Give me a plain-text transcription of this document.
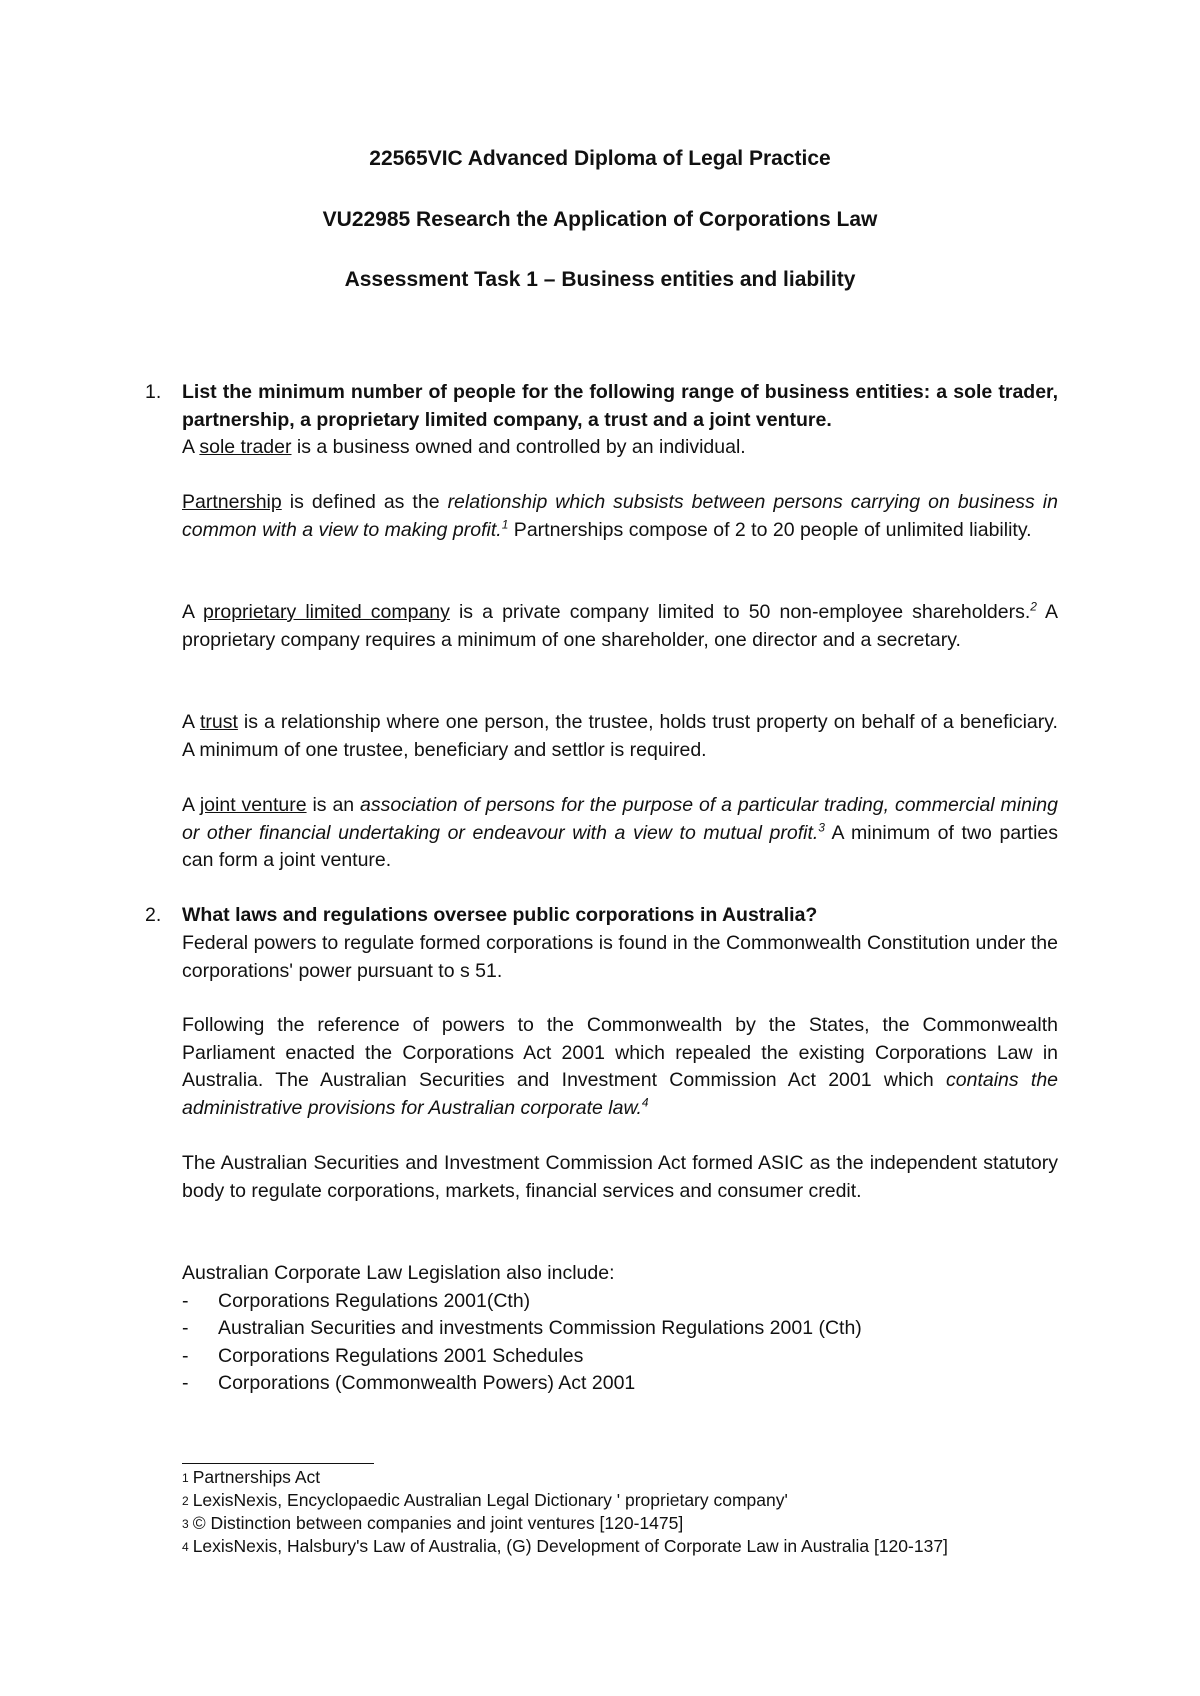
22565VIC Advanced Diploma of Legal Practice
VU22985 Research the Application of Corporations Law
Assessment Task 1 – Business entities and liability
1. List the minimum number of people for the following range of business entities: a sole trader, partnership, a proprietary limited company, a trust and a joint venture.

A sole trader is a business owned and controlled by an individual.

Partnership is defined as the relationship which subsists between persons carrying on business in common with a view to making profit.$^1$ Partnerships compose of 2 to 20 people of unlimited liability.

A proprietary limited company is a private company limited to 50 non-employee shareholders.$^2$ A proprietary company requires a minimum of one shareholder, one director and a secretary.

A trust is a relationship where one person, the trustee, holds trust property on behalf of a beneficiary. A minimum of one trustee, beneficiary and settlor is required.

A joint venture is an association of persons for the purpose of a particular trading, commercial mining or other financial undertaking or endeavour with a view to mutual profit.$^3$ A minimum of two parties can form a joint venture.

2. What laws and regulations oversee public corporations in Australia?

Federal powers to regulate formed corporations is found in the Commonwealth Constitution under the corporations' power pursuant to s 51.

Following the reference of powers to the Commonwealth by the States, the Commonwealth Parliament enacted the Corporations Act 2001 which repealed the existing Corporations Law in Australia. The Australian Securities and Investment Commission Act 2001 which contains the administrative provisions for Australian corporate law.$^4$

The Australian Securities and Investment Commission Act formed ASIC as the independent statutory body to regulate corporations, markets, financial services and consumer credit.

Australian Corporate Law Legislation also include:
- Corporations Regulations 2001(Cth)
- Australian Securities and investments Commission Regulations 2001 (Cth)
- Corporations Regulations 2001 Schedules
- Corporations (Commonwealth Powers) Act 2001
$^1$ Partnerships Act
$^2$ LexisNexis, Encyclopaedic Australian Legal Dictionary ' proprietary company'
$^3$ © Distinction between companies and joint ventures [120-1475]
$^4$ LexisNexis, Halsbury's Law of Australia, (G) Development of Corporate Law in Australia [120-137]
